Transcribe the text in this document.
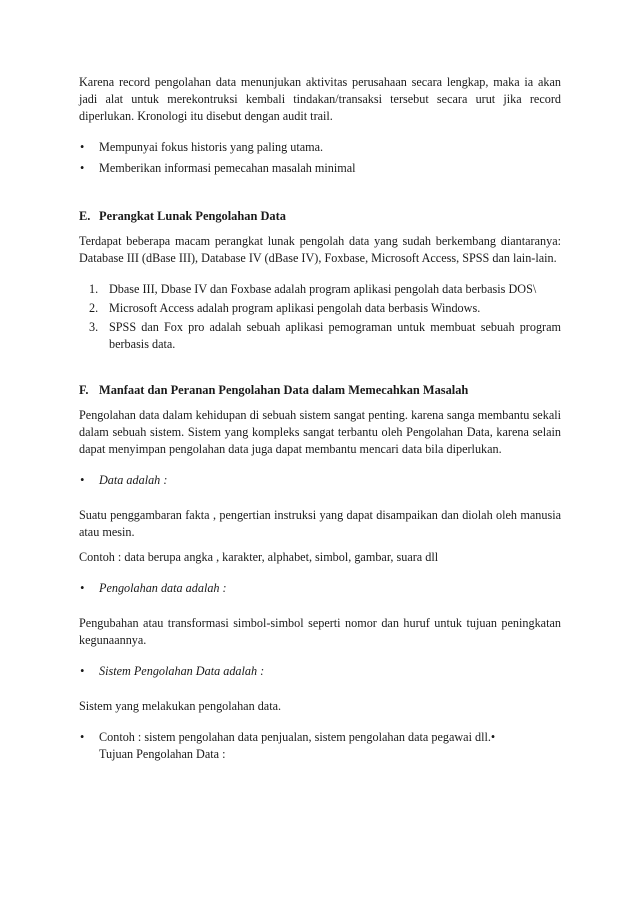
Karena record pengolahan data menunjukan aktivitas perusahaan secara lengkap, maka ia akan jadi alat untuk merekontruksi kembali tindakan/transaksi tersebut secara urut jika record diperlukan. Kronologi itu disebut dengan audit trail.

• Mempunyai fokus historis yang paling utama.
• Memberikan informasi pemecahan masalah minimal
E. Perangkat Lunak Pengolahan Data

Terdapat beberapa macam perangkat lunak pengolah data yang sudah berkembang diantaranya: Database III (dBase III), Database IV (dBase IV), Foxbase, Microsoft Access, SPSS dan lain-lain.

1. Dbase III, Dbase IV dan Foxbase adalah program aplikasi pengolah data berbasis DOS\
2. Microsoft Access adalah program aplikasi pengolah data berbasis Windows.
3. SPSS dan Fox pro adalah sebuah aplikasi pemograman untuk membuat sebuah program berbasis data.
F. Manfaat dan Peranan Pengolahan Data dalam Memecahkan Masalah

Pengolahan data dalam kehidupan di sebuah sistem sangat penting. karena sanga membantu sekali dalam sebuah sistem. Sistem yang kompleks sangat terbantu oleh Pengolahan Data, karena selain dapat menyimpan pengolahan data juga dapat membantu mencari data bila diperlukan.

• Data adalah :

Suatu penggambaran fakta , pengertian instruksi yang dapat disampaikan dan diolah oleh manusia atau mesin.

Contoh : data berupa angka , karakter, alphabet, simbol, gambar, suara dll

• Pengolahan data adalah :

Pengubahan atau transformasi simbol-simbol seperti nomor dan huruf untuk tujuan peningkatan kegunaannya.

• Sistem Pengolahan Data adalah :

Sistem yang melakukan pengolahan data.

• Contoh : sistem pengolahan data penjualan, sistem pengolahan data pegawai dll.•
Tujuan Pengolahan Data :
